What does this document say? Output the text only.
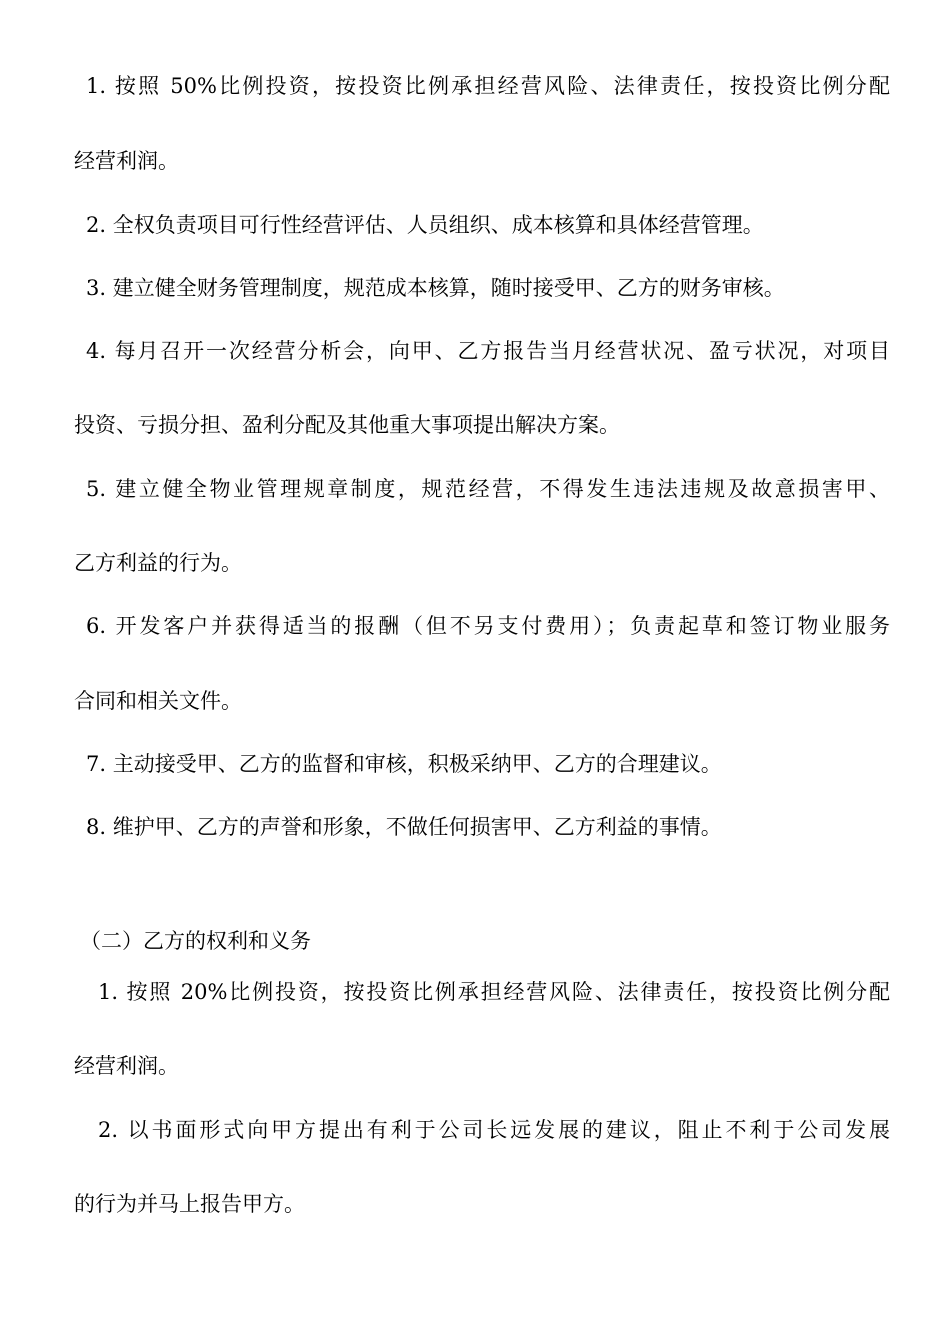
1. 按照 50%比例投资，按投资比例承担经营风险、法律责任，按投资比例分配
经营利润。
2. 全权负责项目可行性经营评估、人员组织、成本核算和具体经营管理。
3. 建立健全财务管理制度，规范成本核算，随时接受甲、乙方的财务审核。
4. 每月召开一次经营分析会，向甲、乙方报告当月经营状况、盈亏状况，对项目
投资、亏损分担、盈利分配及其他重大事项提出解决方案。
5. 建立健全物业管理规章制度，规范经营，不得发生违法违规及故意损害甲、
乙方利益的行为。
6. 开发客户并获得适当的报酬（但不另支付费用）；负责起草和签订物业服务
合同和相关文件。
7. 主动接受甲、乙方的监督和审核，积极采纳甲、乙方的合理建议。
8. 维护甲、乙方的声誉和形象，不做任何损害甲、乙方利益的事情。
（二）乙方的权利和义务
1. 按照 20%比例投资，按投资比例承担经营风险、法律责任，按投资比例分配
经营利润。
2. 以书面形式向甲方提出有利于公司长远发展的建议，阻止不利于公司发展
的行为并马上报告甲方。
